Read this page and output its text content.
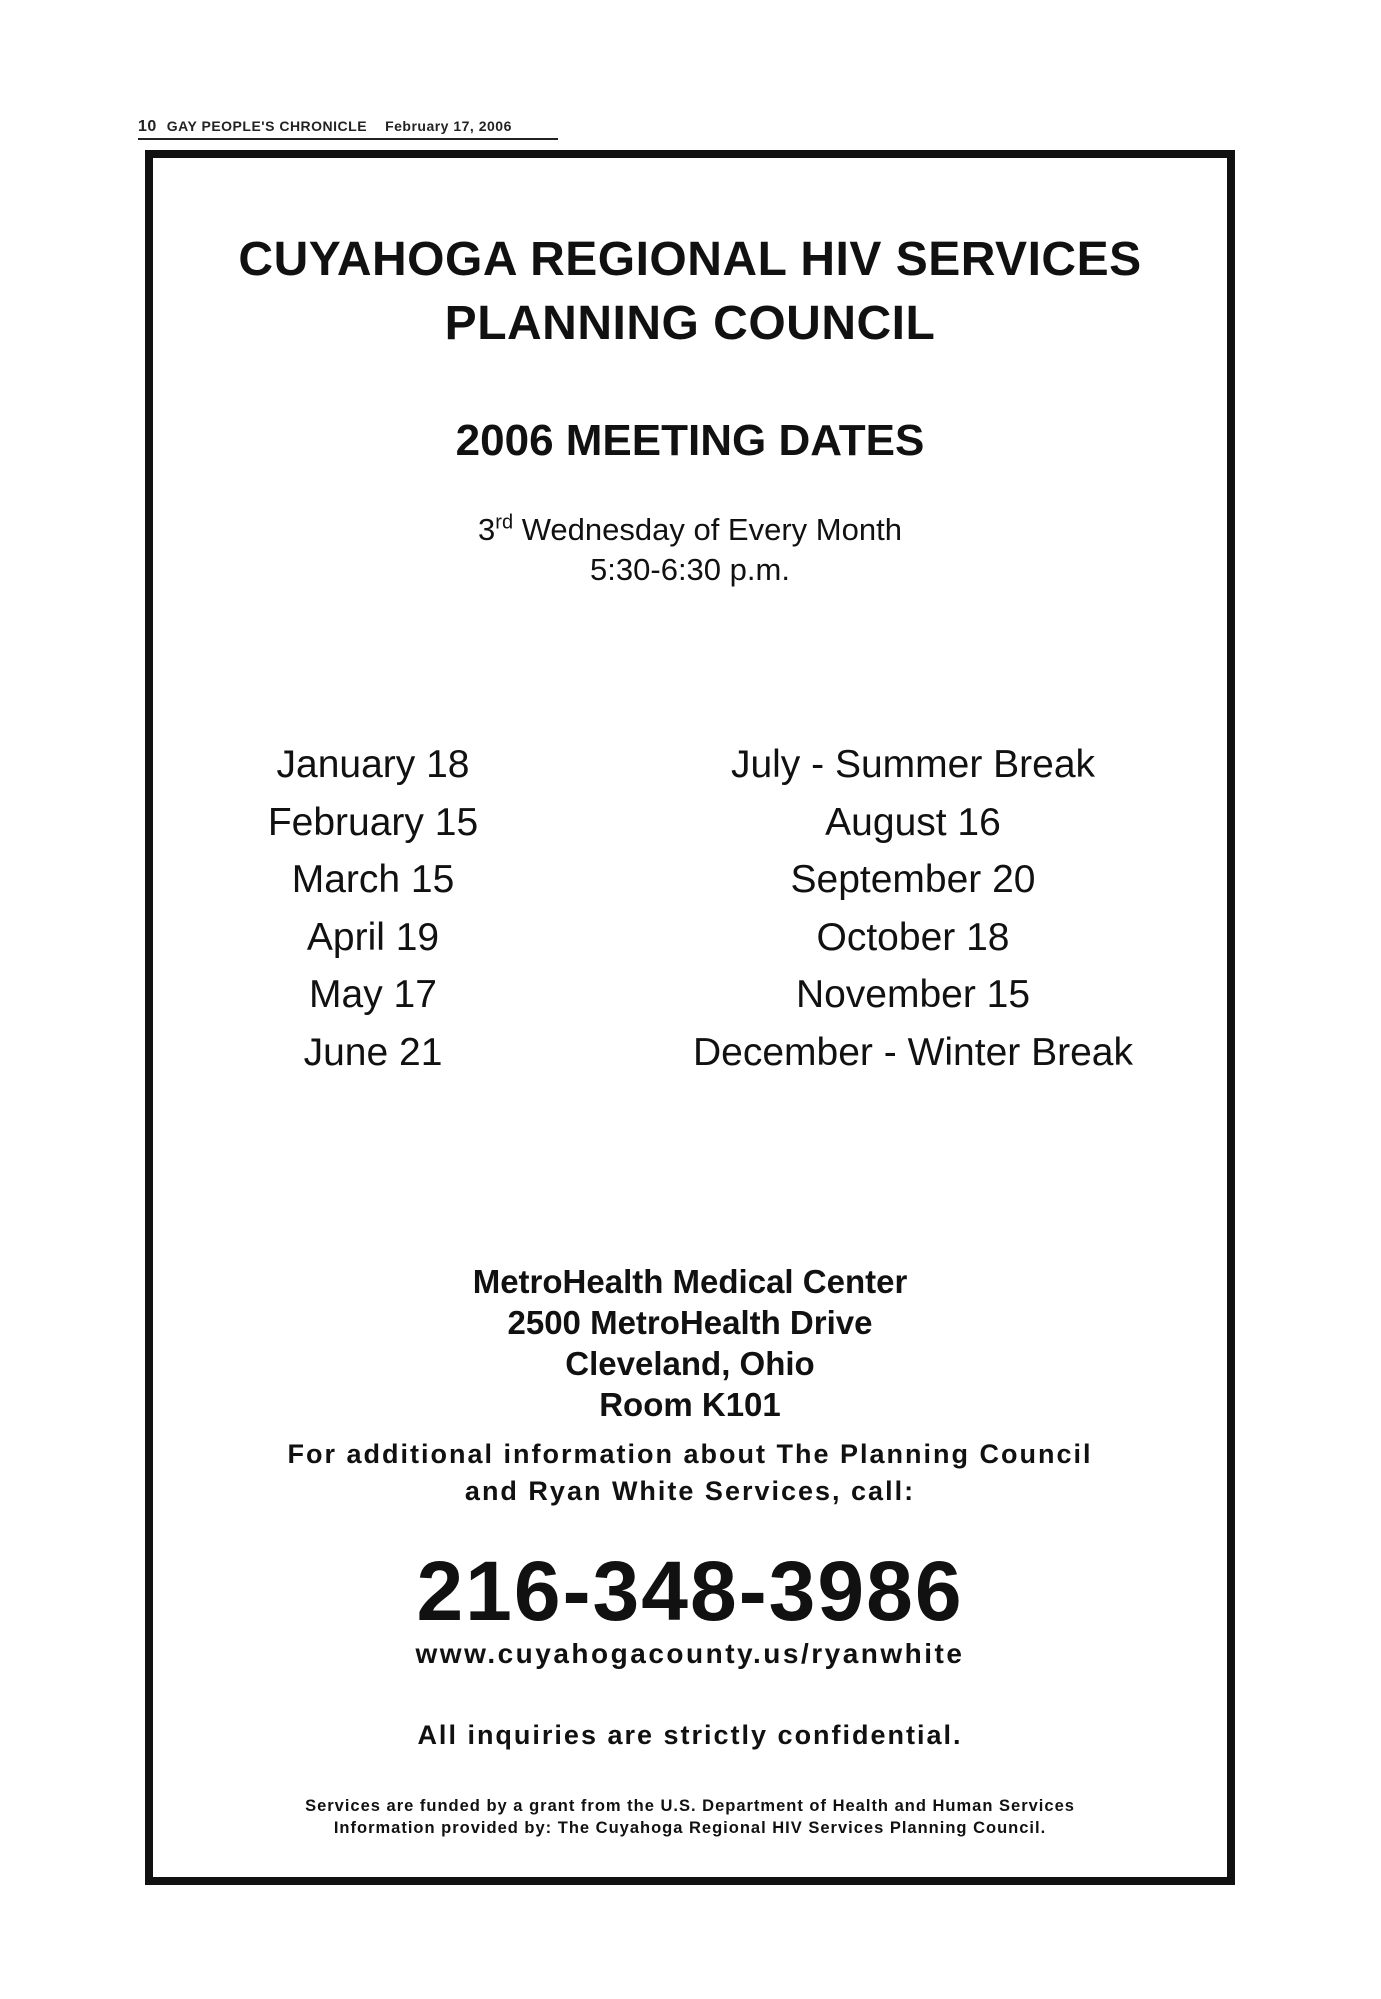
10 GAY PEOPLE'S CHRONICLE February 17, 2006
CUYAHOGA REGIONAL HIV SERVICES
PLANNING COUNCIL
2006 MEETING DATES
3rd Wednesday of Every Month
5:30-6:30 p.m.
January 18
February 15
March 15
April 19
May 17
June 21
July - Summer Break
August 16
September 20
October 18
November 15
December - Winter Break
MetroHealth Medical Center
2500 MetroHealth Drive
Cleveland, Ohio
Room K101
For additional information about The Planning Council
and Ryan White Services, call:
216-348-3986
www.cuyahogacounty.us/ryanwhite
All inquiries are strictly confidential.
Services are funded by a grant from the U.S. Department of Health and Human Services
Information provided by: The Cuyahoga Regional HIV Services Planning Council.
